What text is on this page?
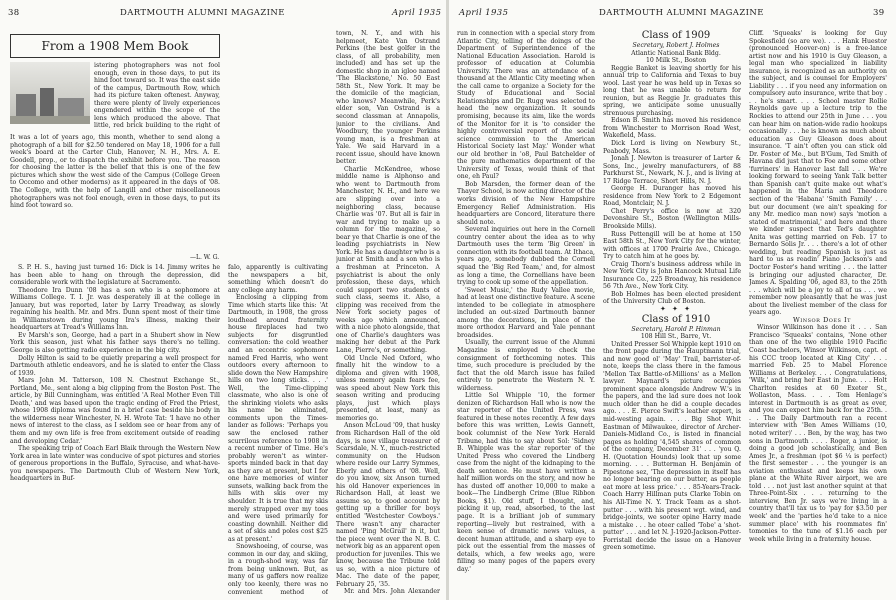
38	DARTMOUTH ALUMNI MAGAZINE	April 1935
From a 1908 Mem Book

It was a lot of years ago, this month, whether to send along a photograph of a bill for $2.50 tendered on May 18, 1906 for a full week's board at the Carter Club, Hanover, N. H., Mrs. A. E. Goodell, prop., or to dispatch the exhibit before you. The reason for choosing the latter is the belief that this is one of the few pictures which show the west side of the Campus (College Green to Occomo and other moderns) as it appeared in the days of '08. The College, with the help of Langill and other miscellaneous photographers was not fool enough, even in those days, to put its hind foot toward so.

istering photographers was not fool enough, even in those days, to put its hind foot toward so. It was the east side of the campus, Dartmouth Row, which had its picture taken oftenest. Anyway, there were plenty of lively experiences engendered within the scope of the lens which produced the above. That little, red brick building to the right of

S. P. H. S., having just turned 16: Dick is 14. Jimmy writes he has been able to hang on through the depression, did considerable work with the legislature at Sacramento.

Theodore Ira Dunn '08 has a son who is a sophomore at Williams College. T. I. Jr. was desperately ill at the college in January, but was reported, later by Larry Treadway, as slowly regaining his health. Mr. and Mrs. Dunn spent most of their time in Williamstown during young Ira's illness, making their headquarters at Tread's Williams Inn.

Ev Marsh's son, George, had a part in a Shubert show in New York this season, just what his father says there's no telling. George is also getting radio experience in the big city.

Dolly Hilton is said to be quietly preparing a well prospect for Dartmouth athletic endeavors, and he is slated to enter the Class of 1939.

Mars John M. Tatterson, 108 N. Chestnut Exchange St., Portland, Me., sent along a big clipping from the Boston Post. The article, by Bill Cunningham, was entitled 'A Real Mother Even Till Death,' and was based upon the tragic ending of Fred the Priest, whose 1908 diploma was found in a brief case beside his body in the wilderness near Winchester, N. H. Wrote Tat: 'I have no other news of interest to the class, as I seldom see or hear from any of them and my own life is free from excitement outside of reading and developing Cedar.'

The speaking trip of Coach Earl Blaik through the Western New York area in late winter was conducive of spot pictures and stories of generous proportions in the Buffalo, Syracuse, and what-have-you newspapers. The Dartmouth Club of Western New York, headquarters in Buf-

falo, apparently is cultivating the newspapers a bit, something which doesn't do any college any harm.

Enclosing a clipping from Time which starts like this: 'At Dartmouth, in 1908, the gross loudhead around fraternity house fireplaces had two subjects for disgruntled conversation: the cold weather and an eccentric sophomore named Fred Harris, who went outdoors every afternoon to slide down the New Hampshire hills on two long sticks. . . .' Well, the Time-clipping classmate, who also is one of the shrinking violets who asks his name be eliminated, comments upon the Times-lander as follows: 'Perhaps you saw the enclosed rather scurrilous reference to 1908 in a recent number of Time. He's probably weren't as winter-sports minded back in that day as they are at present, but I for one have memories of winter sunsets, walking back from the hills with skis over my shoulder. It is true that my skis merely strapped over my toes and were used primarily for coasting downhill. Neither did a set of skis and poles cost $25 as at present.'

Snowshoeing, of course, was common in our day, and skiing, in a rough-shod way, was far from being unknown. But, as many of us gaffers now realize only too keenly, there was no convenient method of

—L. W. G.

town, N. Y., and with his helpmeet, Kate Van Ostrand Perkins (the best golfer in the class, of all probability, men included) and has set up the domestic shop in an igloo named 'The Blackstone,' No. 50 East 58th St., New York. It may be the domicile of the magician, who knows? Meanwhile, Perk's elder son, Van Ostrand is a second classman at Annapolis, junior to the civilians. And Woodbury, the younger Perkins young man, is a freshman at Yale. We said Harvard in a recent issue, should have known better.

Charlie McKendree, whose middle name is Alphonso and who went to Dartmouth from Manchester, N. H., and here we are slipping over into a neighboring class, because Charlie was '07. But all is fair in war and trying to make up a column for the magazine, so bear ye that Charlie is one of the leading psychiatrists in New York. He has a daughter who is a junior at Smith and a son who is a freshman at Princeton. A psychiatrist is about the only profession, these days, which could support two students of such class, seems it. Also, a clipping was received from the New York society pages of weeks ago which announced, with a nice photo alongside, that one of Charlie's daughters was making her debut at the Park Lane, Pierre's, or something.

Old Uncle Ned Oxford, who finally hit the window to a diploma and given with 1908, unless memory again fears fee, was speed about New York this season writing and producing plays, just which plays presented, at least, many as memories go.

Anson McLoud '09, that husky from Richardson Hall of the old days, is now village treasurer of Scarsdale, N. Y., much-restricted community on the Hudson where reside our Larry Symmes, Eberly and others of '08. Well, do you know, six Anson turned his old Hanover experiences in Richardson Hall, at least we assume so, to good account by getting up a thriller for boys entitled 'Westchester Cowboys.' There wasn't any character named 'Ping McGrail' in it, but the piece went over the N. B. C. network big as an apparent open production for juveniles. This we know, because the Tribune told us so, with a nice picture of Mac. The date of the paper, February 25, '35.

Mr. and Mrs. John Alexander

April 1935	DARTMOUTH ALUMNI MAGAZINE	39

run in connection with a special story from Atlantic City, telling of the doings of the Department of Superintendence of the National Education Association. Harold is professor of education at Columbia University. There was an attendance of a thousand at the Atlantic City meeting when the call came to organize a Society for the Study of Educational and Social Relationships and Dr. Rugg was selected to head the new organization. It sounds promising, because its aim, like the words of the Monitor for it is 'to consider the highly controversial report of the social science commission to the American Historical Society last May.' Wonder what our old brother in 'o8, Paul Batchelder of the pure mathematics department of the University of Texas, would think of that one, eh Paul?

Bob Marsden, the former dean of the Thayer School, is now acting director of the works division of the New Hampshire Emergency Relief Administration. His headquarters are Concord, literature there should note.

Several inquiries out here in the Cornell country center about the idea as to why Dartmouth uses the term 'Big Green' in connection with its football team. At Ithaca, years ago, somebody dubbed the Cornell squad the 'Big Red Team,' and, for almost as long a time, the Cornellians have been trying to cook up some of the appellation.

'Sweet Music,' the Rudy Vallee movie, had at least one distinctive feature. A scene intended to be collegiate in atmosphere included an out-sized Dartmouth banner among the decorations, in place of the more orthodox Harvard and Yale pennant broadsides.

Usually, the current issue of the Alumni Magazine is employed to check the consignment of forthcoming notes. This time, such procedure is precluded by the fact that the old March issue has failed entirely to penetrate the Western N. Y. wilderness.

Little Sol Whipple '10, the former denizen of Richardson Hall who is now the star reporter of the United Press, was featured in these notes recently. A few days before this was written, Lewis Gannett, book columnist of the New York Herald Tribune, had this to say about Sol: 'Sidney B. Whipple was the star reporter of the United Press who covered the Lindberg case from the night of the kidnaping to the death sentence. He must have written a half million words on the story, and now he has dusted off another 10,000 to make a book—The Lindbergh Crime (Blue Ribbon Books, $1). Old stuff, I thought, and, picking it up, read, absorbed, to the last page. It is a brilliant job of summary reporting—lively but restrained, with a keen sense of dramatic news values, a decent human attitude, and a sharp eye to pick out the essential from the masses of details, which, a few weeks ago, were filling so many pages of the papers every day.'

Class of 1909

Secretary, Robert J. Holmes

Atlantic National Bank Bldg.

10 Milk St., Boston

Reggie Banket is leaving shortly for his annual trip to California and Texas to buy wool. Last year he was held up in Texas so long that he was unable to return for reunion, but as Reggie Jr. graduates this spring, we anticipate some unusually strenuous purchasing.

Edson B. Smith has moved his residence from Winchester to Morrison Road West, Wakefield, Mass.

Dick Lord is living on Newbury St., Peabody, Mass.

Jonah J. Newton is treasurer of Larter & Sons, Inc., jewelry manufacturers, of 88 Parkhurst St., Newark, N. J., and is living at 17 Ridge Terrace, Short Hills, N. J.

George H. Duranger has moved his residence from New York to 2 Edgemont Road, Montclair, N. J.

Chet Perry's office is now at 320 Devonshire St., Boston (Wellington Mills-Brookside Mills).

Russ Pettengill will be at home at 150 East 58th St., New York City for the winter, with offices at 1700 Prairie Ave., Chicago. Try to catch him at he goes by.

Craig Thorn's business address while in New York City is John Hancock Mutual Life Insurance Co., 225 Broadway, his residence 56 7th Ave., New York City.

Bob Holmes has been elected president of the University Club of Boston.

✦ ✦ ✦

Class of 1910

Secretary, Harold P. Hinman

108 Hill St., Barre, Vt.

United Presser Sol Whipple kept 1910 on the front page during the Hauptmann trial, and now good ol' 'May' Trail, barrister-of-note, keeps the class there in the famous 'Mellon Tax Battle-of-Millions' as a Mellon lawyer. Maynard's picture occupies prominent space alongside Andrew W.'s in the papers, and the lad sure does not look much older than he did a couple decades ago. . . . E. Pierce Swift's leather expert, is mid-westing again. . . . Big Shot Whit Eastman of Milwaukee, director of Archer-Daniels-Midland Co., is listed in financial pages as holding '4,545 shares of common of the company, December 31' . . . 'you Q. H. (Quotation Hounds) look that up some morning. . . . Butterman H. Benjamin of Pipestone sez, 'The depression in itself has no longer bearing on our butter, as people eat more at less price.' . . . 85-Years-Track-Coach Harry Hillman puts Clarke Tobin on his All-Time N. Y. Track Team as a shot-putter . . . with his present wgt. wind, and bridge-joints, we sooter opine Harry made a mistake . . . he oteer called 'Tobe' a 'shot-putter' . . . and let N. J-1920-Jackson-Potter-Forristall decide the issue on a Hanover green sometime.

Cliff. 'Squeaks' is looking for Guy Spokesfield (so are we). . . . Hank Huestor (pronounced Hoover-on) is a free-lance artist now and his 1910 is Guy Gleason, a legal man who specialized in liability insurance, is recognized as an authority on the subject, and is counsel for Employers' Liability . . . if you need any information on compulsory auto insurance, write that boy . . . he's smart. . . . School master Rollie Reynolds gave up a lecture trip to the Rockies to attend our 25th in June . . . you can hear him on nation-wide radio hookups occasionally . . . he is known as much about education as Guy Gleason does about insurance. 'T ain't often you can stick old Dr. Foster of Me., but B'Gum, Ted Smith of Havana did just that to Foe and some other 'furriners' in Hanover last fall . . . We're looking forward to seeing Yank Talk better than Spanish can't quite make out what's happened in the Maria and Theodore section of the 'Habana' 'Smith Family' . . . but our document (we ain't speaking for any Mr. medico man now) says 'motion a stated of matrimonial,' and here and there we kinder suspect that Ted's daughter Anita was getting married on Feb. 17 to Bernardo Solis Jr. . . . there's a lot of other wedding, but reading Spanish is just as hard to us as readin' Piano Jackson's and Doctor Foster's hand writing . . . the latter is bringing our adjusted character, Dr. James A. Spalding '06, aged 83, to the 25th . . . which will be a joy to all of us . . . we remember now pleasantly that he was just about the liveliest member of the class for years ago.

Winsor Does It

Winsor Wilkinson has done it . . . San Francisco 'Squeaks' contains, 'None other than one of the two eligible 1910 Pacific Coast bachelors, Winsor Wilkinson, capt. of his CCC troop located at King City' . . . married Feb. 25 to Mabel Florence Williams at Berkeley. . . . Congratulations, 'Wilk,' and bring her East in June. . . . Holt Charlton resides at 60 Exeter St., Wollaston, Mass. . . . Tom Henlage's interest in Dartmouth is as great as ever, and you can expect him back for the 25th. . . . The Daily Dartmouth ran a recent interview with 'Ben Ames Williams (10, noted writer)' . . . Ben, by the way, has two sons in Dartmouth . . . . Roger, a junior, is doing a good job scholastically, and Ben Ames Jr., a freshman (pot $6 ¼ is perfect) the first semester . . . the younger is an aviation enthusiast and keeps his own plane at the White River airport, we are told . . . not just last another squint at that Three-Point-Six . . . returning to the interview, Ben Jr. says we're living in a country that'll tax us to 'pay for $3.50 per week' and the 'parties he'd take to a nice summer place' with his roommates fin' tomonies to the tune of $1.16 each per week while living in a fraternity house.
